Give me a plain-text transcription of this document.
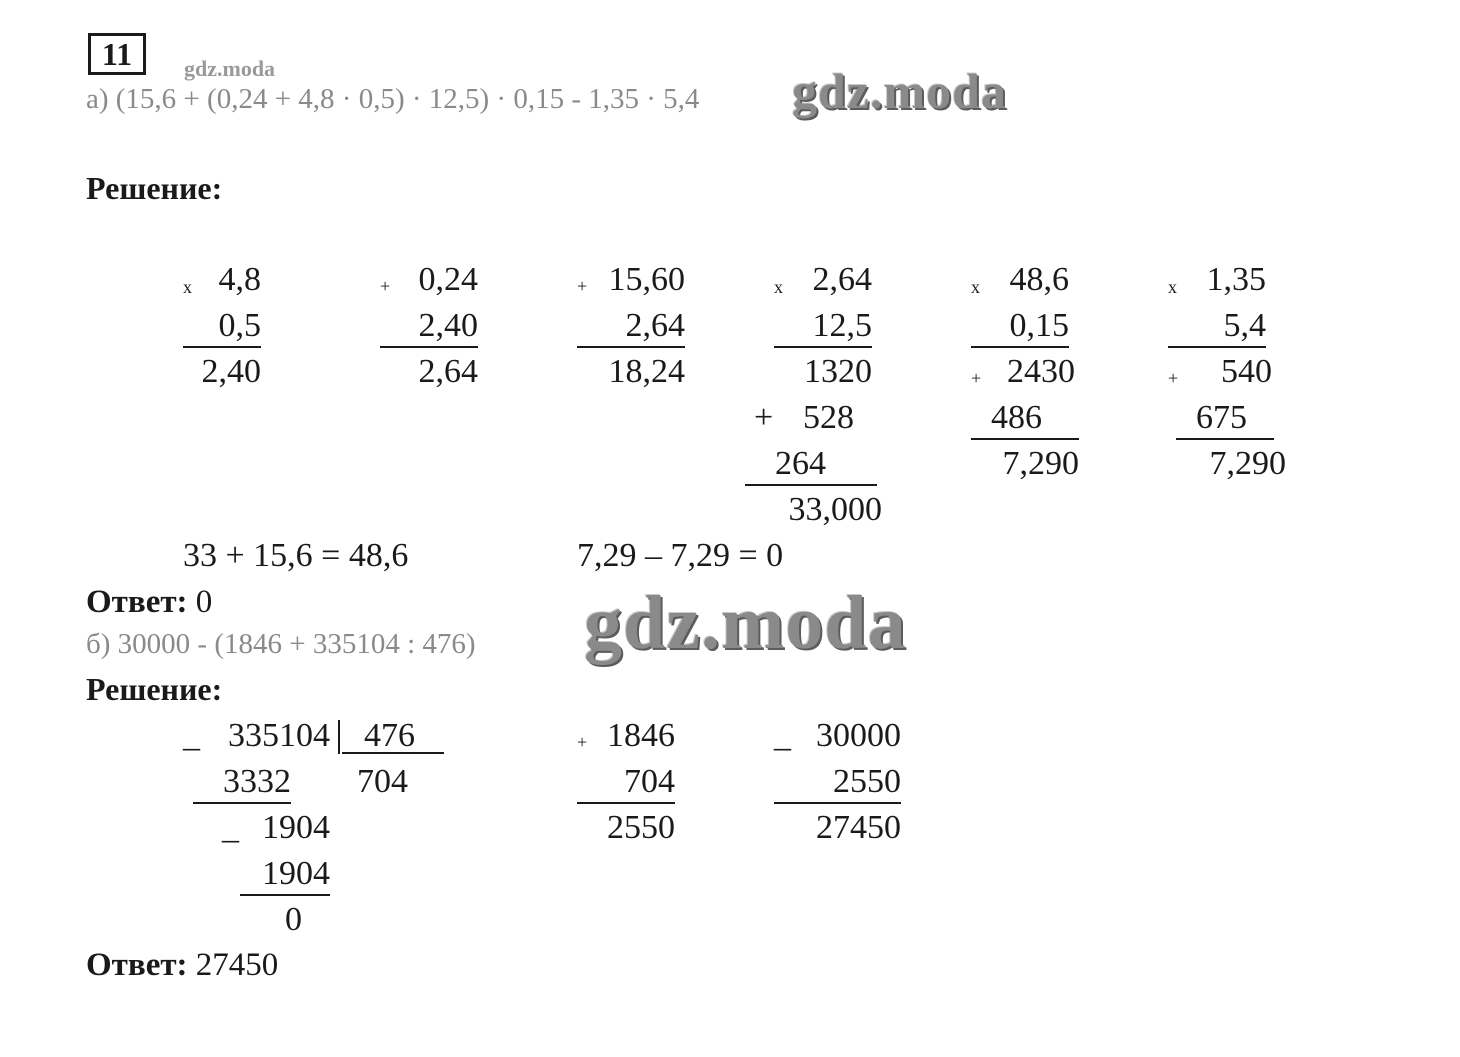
11	gdz.moda
а) (15,6 + (0,24 + 4,8 · 0,5) · 12,5) · 0,15 - 1,35 · 5,4 gdz.moda
Решение:
x 4,8
0,5
2,40
+ 0,24
2,40
2,64
+ 15,60
2,64
18,24
x 2,64
12,5
1320
+ 528
264
33,000
x 48,6
0,15
+ 2430
486
7,290
x 1,35
5,4
+	540
675
7,290
33 + 15,6 = 48,6	7,29 – 7,29 = 0
Ответ: 0	gdz.moda
б) 30000 - (1846 + 335104 : 476)
Решение:
_ 335104	476
3332 704
_ 1904
1904
0
+ 1846
704
2550
_ 30000
2550
27450
Ответ: 27450
